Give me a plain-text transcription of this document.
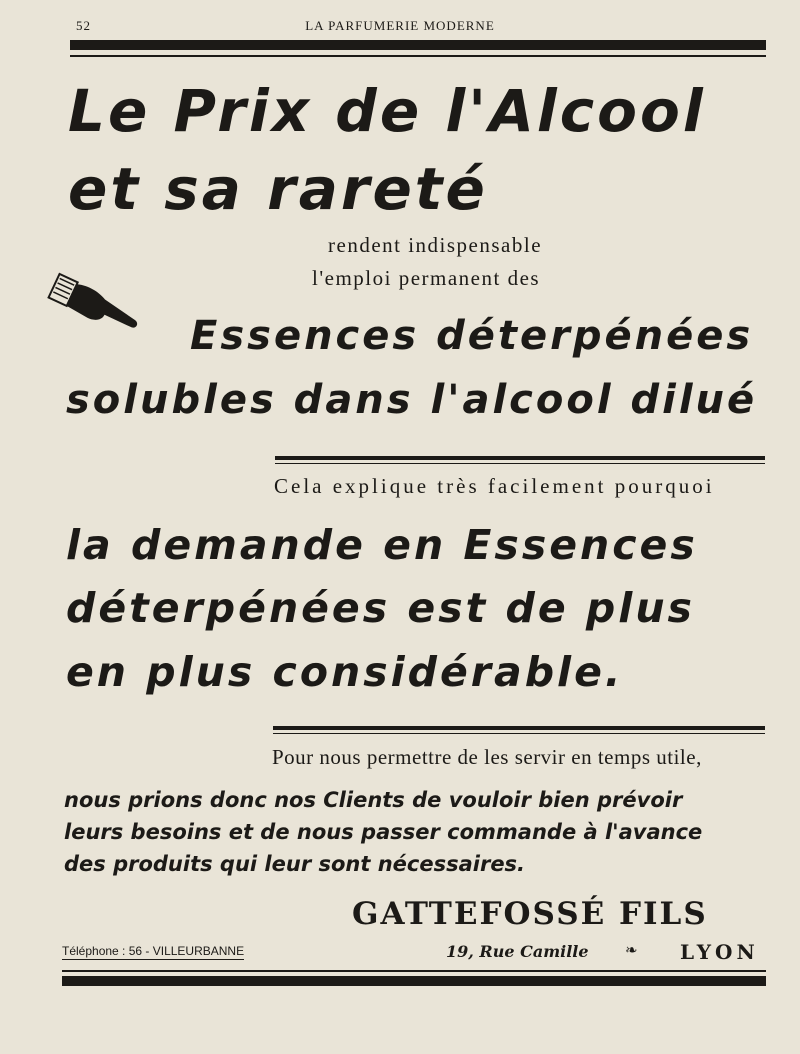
52	LA PARFUMERIE MODERNE
Le Prix de l'Alcool
et sa rareté
rendent indispensable
l'emploi permanent des
Essences déterpénées
solubles dans l'alcool dilué
Cela explique très facilement pourquoi
la demande en Essences
déterpénées est de plus
en plus considérable.
Pour nous permettre de les servir en temps utile,
nous prions donc nos Clients de vouloir bien prévoir
leurs besoins et de nous passer commande à l'avance
des produits qui leur sont nécessaires.
GATTEFOSSÉ FILS
Téléphone : 56 - VILLEURBANNE	19, Rue Camille ❧ LYON
